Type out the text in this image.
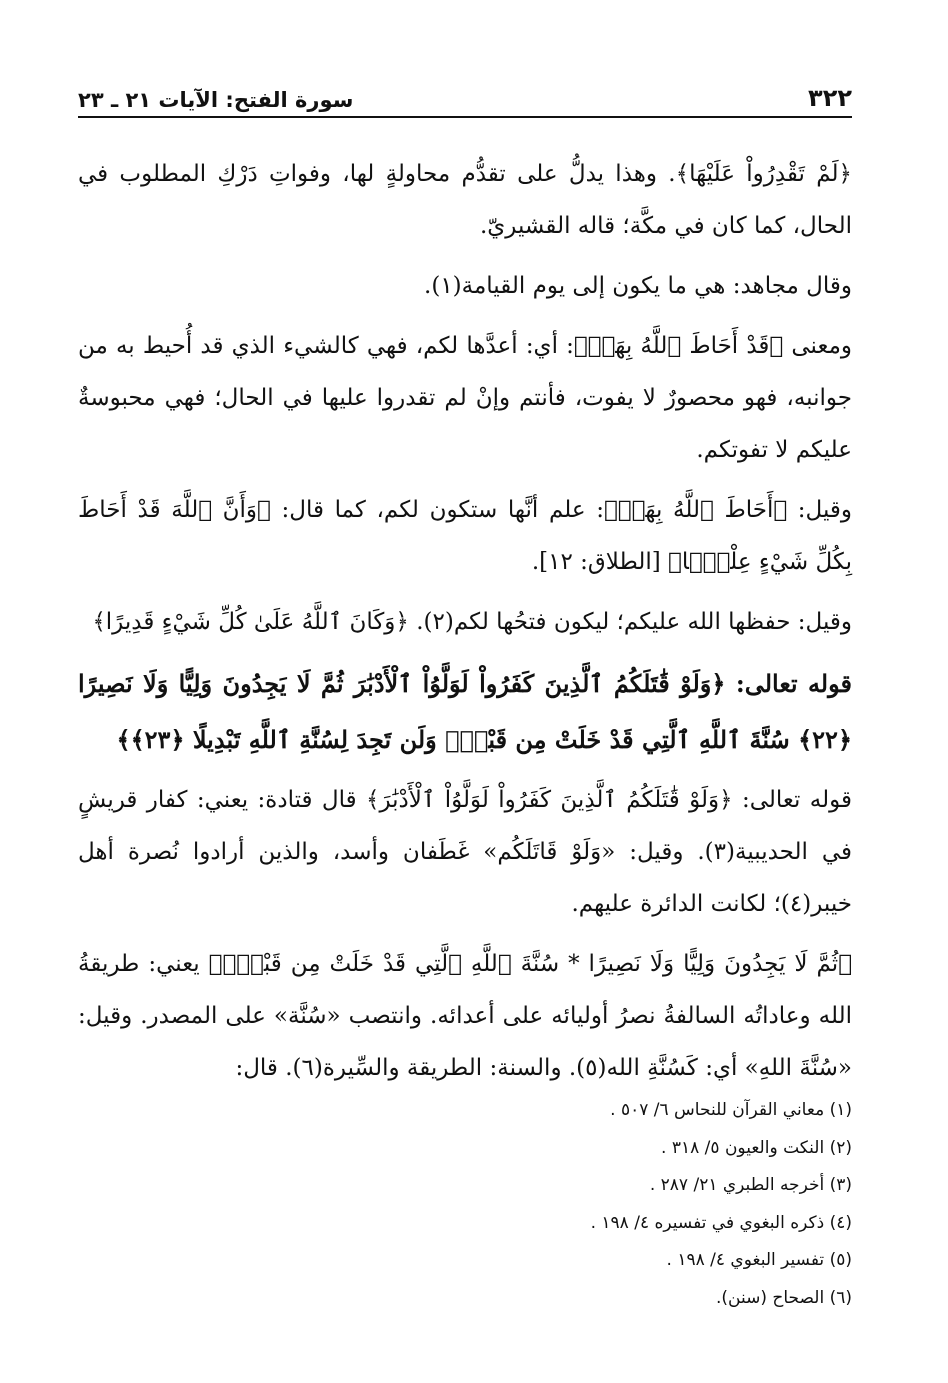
٣٢٢
سورة الفتح: الآيات ٢١ ـ ٢٣

﴿لَمْ تَقْدِرُواْ عَلَيْهَا﴾. وهذا يدلُّ على تقدُّم محاولةٍ لها، وفواتِ دَرْكِ المطلوب في الحال، كما كان في مكَّة؛ قاله القشيريّ.

وقال مجاهد: هي ما يكون إلى يوم القيامة(١).

ومعنى ﴿قَدْ أَحَاطَ ٱللَّهُ بِهَاۚ﴾: أي: أعدَّها لكم، فهي كالشيء الذي قد أُحيط به من جوانبه، فهو محصورٌ لا يفوت، فأنتم وإنْ لم تقدروا عليها في الحال؛ فهي محبوسةٌ عليكم لا تفوتكم.

وقيل: ﴿أَحَاطَ ٱللَّهُ بِهَاۚ﴾: علم أنَّها ستكون لكم، كما قال: ﴿وَأَنَّ ٱللَّهَ قَدْ أَحَاطَ بِكُلِّ شَيْءٍ عِلْمًۢا﴾ [الطلاق: ١٢].

وقيل: حفظها الله عليكم؛ ليكون فتحُها لكم(٢). ﴿وَكَانَ ٱللَّهُ عَلَىٰ كُلِّ شَيْءٍ قَدِيرًا﴾

قوله تعالى: ﴿وَلَوْ قَٰتَلَكُمُ ٱلَّذِينَ كَفَرُواْ لَوَلَّوُاْ ٱلْأَدْبَٰرَ ثُمَّ لَا يَجِدُونَ وَلِيًّا وَلَا نَصِيرًا ﴿٢٢﴾ سُنَّةَ ٱللَّهِ ٱلَّتِي قَدْ خَلَتْ مِن قَبْلُۖ وَلَن تَجِدَ لِسُنَّةِ ٱللَّهِ تَبْدِيلًا ﴿٢٣﴾﴾

قوله تعالى: ﴿وَلَوْ قَٰتَلَكُمُ ٱلَّذِينَ كَفَرُواْ لَوَلَّوُاْ ٱلْأَدْبَٰرَ﴾ قال قتادة: يعني: كفار قريشٍ في الحديبية(٣). وقيل: «وَلَوْ قَاتَلَكُم» غَطَفان وأسد، والذين أرادوا نُصرة أهل خيبر(٤)؛ لكانت الدائرة عليهم.

﴿ثُمَّ لَا يَجِدُونَ وَلِيًّا وَلَا نَصِيرًا * سُنَّةَ ٱللَّهِ ٱلَّتِي قَدْ خَلَتْ مِن قَبْلُۖ﴾ يعني: طريقةُ الله وعاداتُه السالفةُ نصرُ أوليائه على أعدائه. وانتصب «سُنَّة» على المصدر. وقيل: «سُنَّةَ اللهِ» أي: كَسُنَّةِ الله(٥). والسنة: الطريقة والسِّيرة(٦). قال:

(١) معاني القرآن للنحاس ٦/ ٥٠٧ .

(٢) النكت والعيون ٥/ ٣١٨ .

(٣) أخرجه الطبري ٢١/ ٢٨٧ .

(٤) ذكره البغوي في تفسيره ٤/ ١٩٨ .

(٥) تفسير البغوي ٤/ ١٩٨ .

(٦) الصحاح (سنن).
